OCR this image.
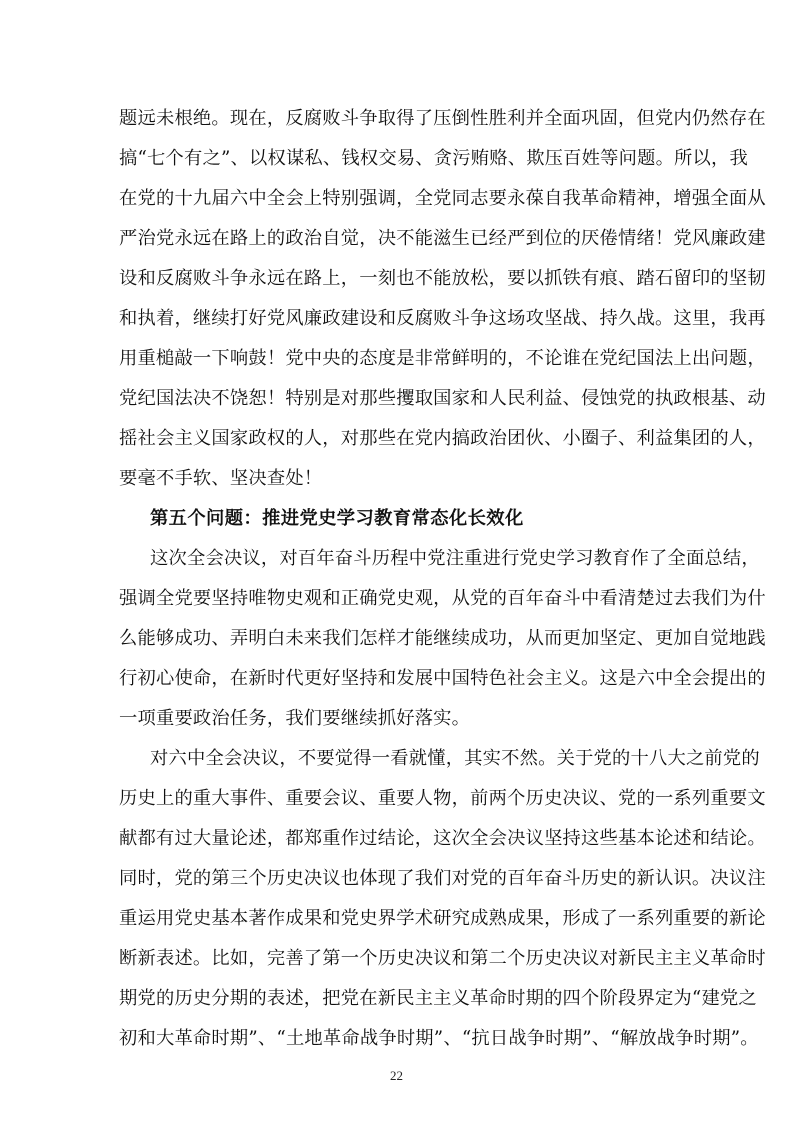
题远未根绝。现在，反腐败斗争取得了压倒性胜利并全面巩固，但党内仍然存在
搞“七个有之”、以权谋私、钱权交易、贪污贿赂、欺压百姓等问题。所以，我
在党的十九届六中全会上特别强调，全党同志要永葆自我革命精神，增强全面从
严治党永远在路上的政治自觉，决不能滋生已经严到位的厌倦情绪！党风廉政建
设和反腐败斗争永远在路上，一刻也不能放松，要以抓铁有痕、踏石留印的坚韧
和执着，继续打好党风廉政建设和反腐败斗争这场攻坚战、持久战。这里，我再
用重槌敲一下响鼓！党中央的态度是非常鲜明的，不论谁在党纪国法上出问题，
党纪国法决不饶恕！特别是对那些攫取国家和人民利益、侵蚀党的执政根基、动
摇社会主义国家政权的人，对那些在党内搞政治团伙、小圈子、利益集团的人，
要毫不手软、坚决查处！
第五个问题：推进党史学习教育常态化长效化
这次全会决议，对百年奋斗历程中党注重进行党史学习教育作了全面总结，
强调全党要坚持唯物史观和正确党史观，从党的百年奋斗中看清楚过去我们为什
么能够成功、弄明白未来我们怎样才能继续成功，从而更加坚定、更加自觉地践
行初心使命，在新时代更好坚持和发展中国特色社会主义。这是六中全会提出的
一项重要政治任务，我们要继续抓好落实。
对六中全会决议，不要觉得一看就懂，其实不然。关于党的十八大之前党的
历史上的重大事件、重要会议、重要人物，前两个历史决议、党的一系列重要文
献都有过大量论述，都郑重作过结论，这次全会决议坚持这些基本论述和结论。
同时，党的第三个历史决议也体现了我们对党的百年奋斗历史的新认识。决议注
重运用党史基本著作成果和党史界学术研究成熟成果，形成了一系列重要的新论
断新表述。比如，完善了第一个历史决议和第二个历史决议对新民主主义革命时
期党的历史分期的表述，把党在新民主主义革命时期的四个阶段界定为“建党之
初和大革命时期”、“土地革命战争时期”、“抗日战争时期”、“解放战争时期”。
22
